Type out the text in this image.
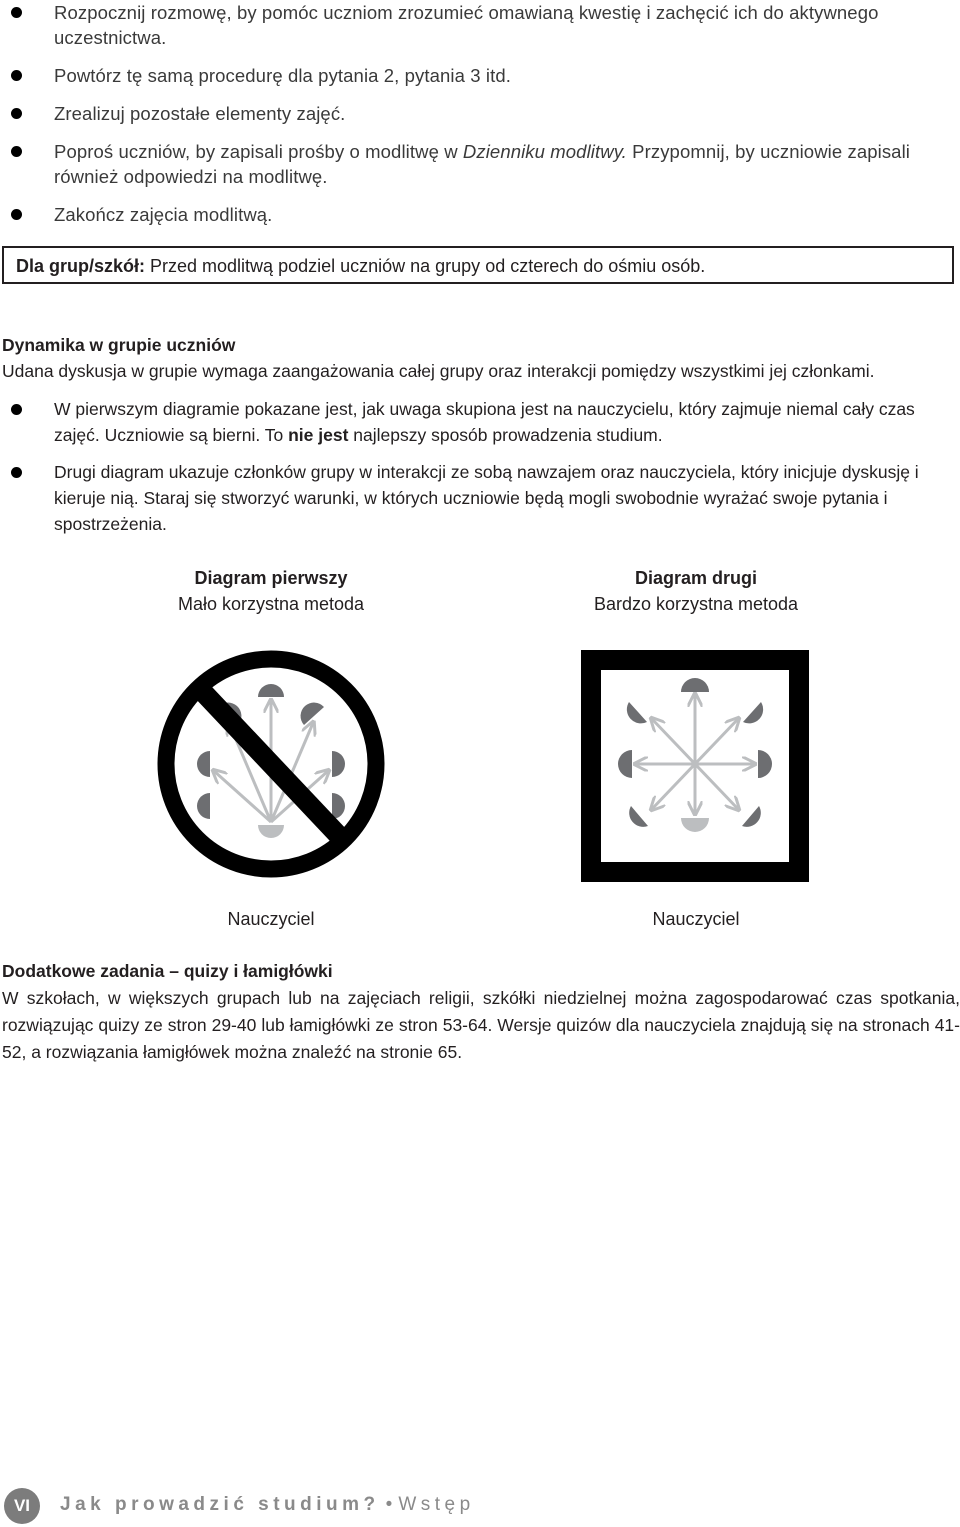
Rozpocznij rozmowę, by pomóc uczniom zrozumieć omawianą kwestię i zachęcić ich do aktywnego uczestnictwa.
Powtórz tę samą procedurę dla pytania 2, pytania 3 itd.
Zrealizuj pozostałe elementy zajęć.
Poproś uczniów, by zapisali prośby o modlitwę w Dzienniku modlitwy. Przypomnij, by uczniowie zapisali również odpowiedzi na modlitwę.
Zakończ zajęcia modlitwą.
Dla grup/szkół: Przed modlitwą podziel uczniów na grupy od czterech do ośmiu osób.

Dynamika w grupie uczniów

Udana dyskusja w grupie wymaga zaangażowania całej grupy oraz interakcji pomiędzy wszystkimi jej członkami.

W pierwszym diagramie pokazane jest, jak uwaga skupiona jest na nauczycielu, który zajmuje niemal cały czas zajęć. Uczniowie są bierni. To nie jest najlepszy sposób prowadzenia studium.
Drugi diagram ukazuje członków grupy w interakcji ze sobą nawzajem oraz nauczyciela, który inicjuje dyskusję i kieruje nią. Staraj się stworzyć warunki, w których uczniowie będą mogli swobodnie wyrażać swoje pytania i spostrzeżenia.
Diagram pierwszy
Mało korzystna metoda
Nauczyciel
Diagram drugi
Bardzo korzystna metoda
Nauczyciel

Dodatkowe zadania – quizy i łamigłówki

W szkołach, w większych grupach lub na zajęciach religii, szkółki niedzielnej można zagospodarować czas spotkania, rozwiązując quizy ze stron 29-40 lub łamigłówki ze stron 53-64. Wersje quizów dla nauczyciela znajdują się na stronach 41-52, a rozwiązania łamigłówek można znaleźć na stronie 65.

VI	Jak prowadzić studium? • Wstęp
